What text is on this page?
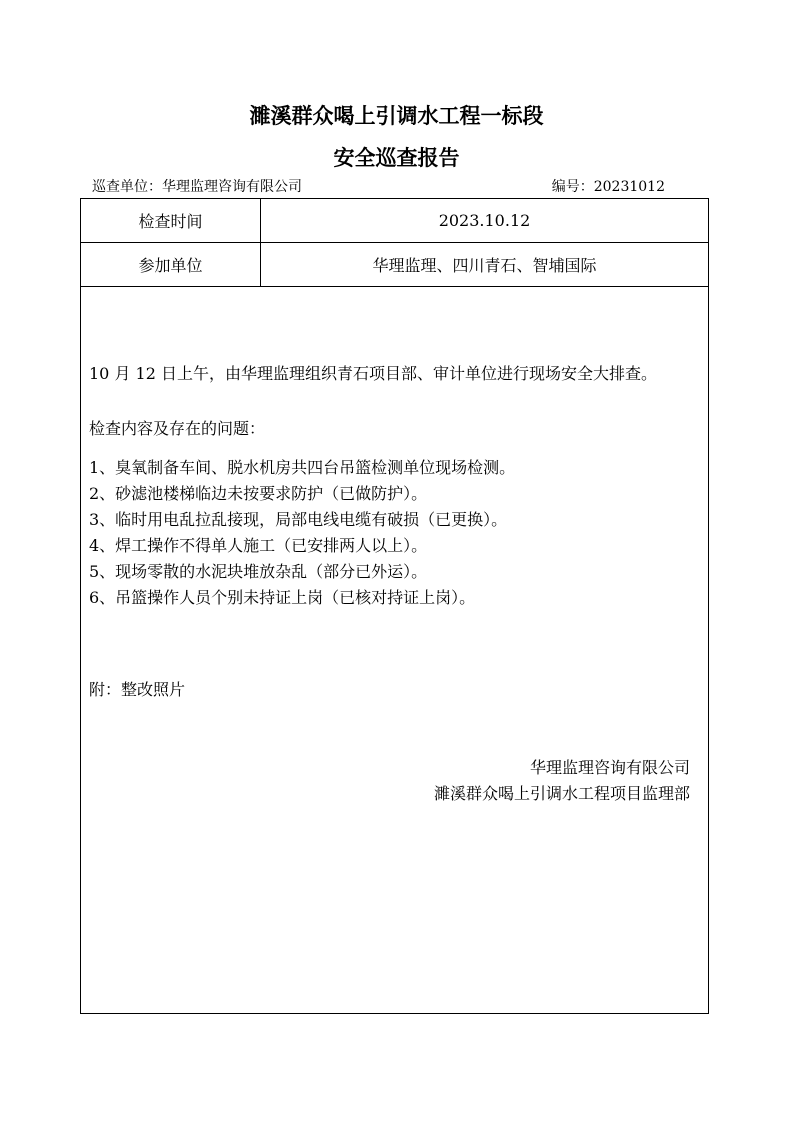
濉溪群众喝上引调水工程一标段
安全巡查报告
巡查单位：华理监理咨询有限公司	编号：20231012
检查时间	2023.10.12
参加单位	华理监理、四川青石、智埔国际

10 月 12 日上午，由华理监理组织青石项目部、审计单位进行现场安全大排查。

检查内容及存在的问题：
1、臭氧制备车间、脱水机房共四台吊篮检测单位现场检测。
2、砂滤池楼梯临边未按要求防护（已做防护）。
3、临时用电乱拉乱接现，局部电线电缆有破损（已更换）。
4、焊工操作不得单人施工（已安排两人以上）。
5、现场零散的水泥块堆放杂乱（部分已外运）。
6、吊篮操作人员个别未持证上岗（已核对持证上岗）。
附：整改照片
华理监理咨询有限公司
濉溪群众喝上引调水工程项目监理部
